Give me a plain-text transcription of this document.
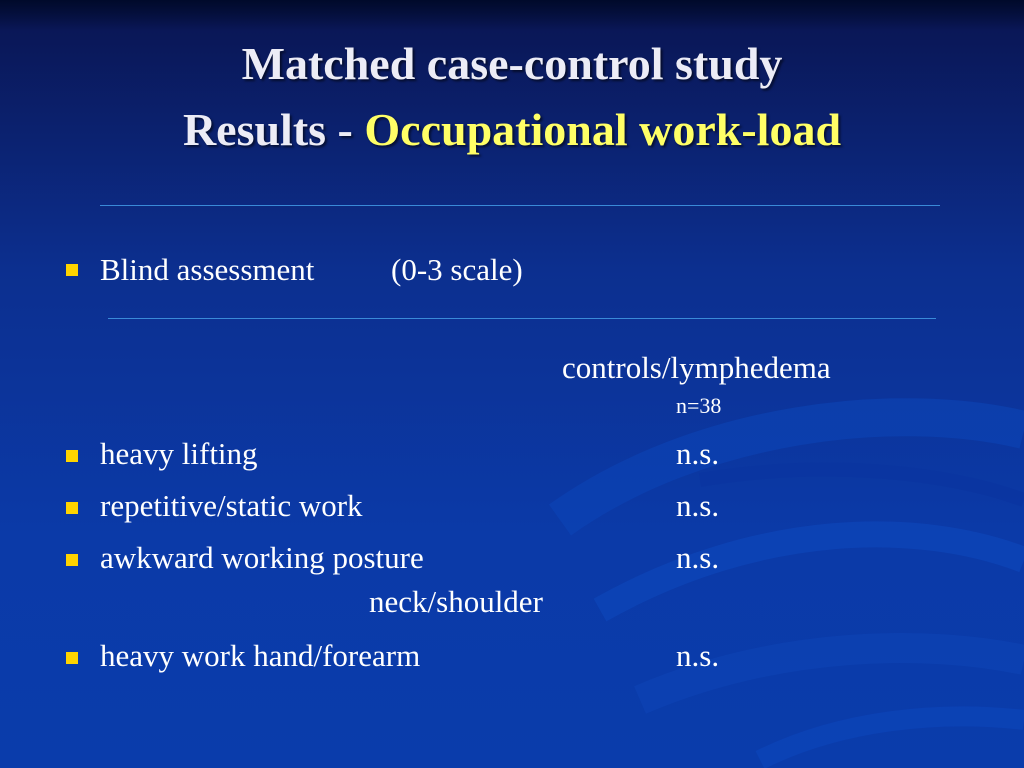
Matched case-control study
Results - Occupational work-load
Blind assessment (0-3 scale)
controls/lymphedema
n=38
heavy lifting	n.s.
repetitive/static work	n.s.
awkward working posture	n.s.
neck/shoulder
heavy work hand/forearm	n.s.
